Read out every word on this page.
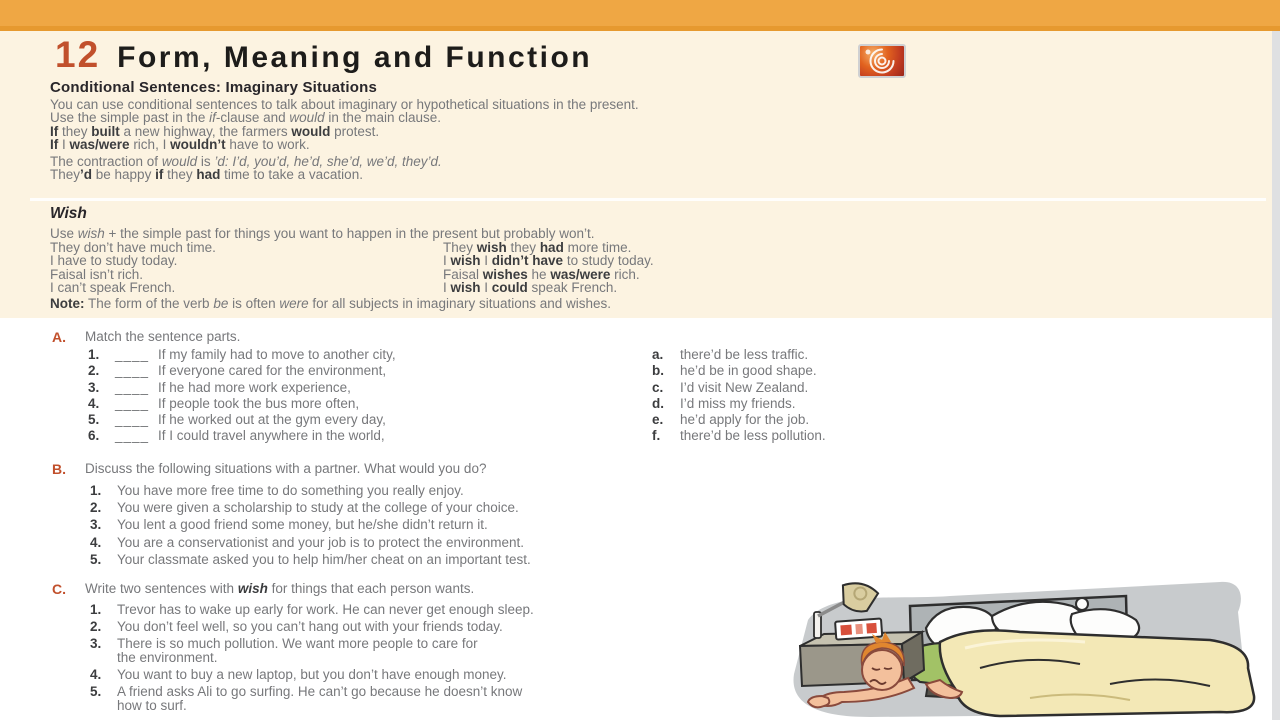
12 Form, Meaning and Function
Conditional Sentences: Imaginary Situations
You can use conditional sentences to talk about imaginary or hypothetical situations in the present.
Use the simple past in the if-clause and would in the main clause.
If they built a new highway, the farmers would protest.
If I was/were rich, I wouldn’t have to work.
The contraction of would is ’d: I’d, you’d, he’d, she’d, we’d, they’d.
They’d be happy if they had time to take a vacation.
Wish
Use wish + the simple past for things you want to happen in the present but probably won’t.
They don’t have much time.	They wish they had more time.
I have to study today.	I wish I didn’t have to study today.
Faisal isn’t rich.	Faisal wishes he was/were rich.
I can’t speak French.	I wish I could speak French.
Note: The form of the verb be is often were for all subjects in imaginary situations and wishes.
A. Match the sentence parts.
1.	____ If my family had to move to another city,
2.	____ If everyone cared for the environment,
3.	____ If he had more work experience,
4.	____ If people took the bus more often,
5.	____ If he worked out at the gym every day,
6.	____ If I could travel anywhere in the world,
a.	there’d be less traffic.
b.	he’d be in good shape.
c.	I’d visit New Zealand.
d.	I’d miss my friends.
e.	he’d apply for the job.
f.	there’d be less pollution.
B. Discuss the following situations with a partner. What would you do?
1.	You have more free time to do something you really enjoy.
2.	You were given a scholarship to study at the college of your choice.
3.	You lent a good friend some money, but he/she didn’t return it.
4.	You are a conservationist and your job is to protect the environment.
5.	Your classmate asked you to help him/her cheat on an important test.
C. Write two sentences with wish for things that each person wants.
1.	Trevor has to wake up early for work. He can never get enough sleep.
2.	You don’t feel well, so you can’t hang out with your friends today.
3.	There is so much pollution. We want more people to care for
the environment.
4.	You want to buy a new laptop, but you don’t have enough money.
5.	A friend asks Ali to go surfing. He can’t go because he doesn’t know
how to surf.
